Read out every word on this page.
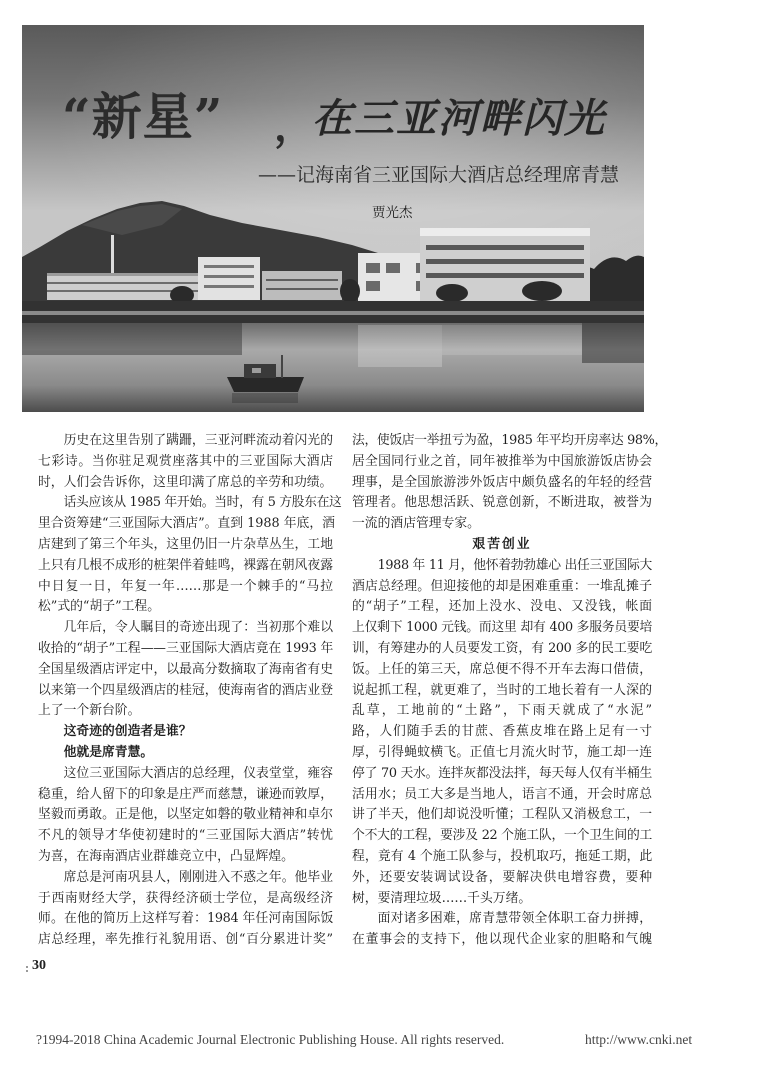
“新星” ，
在三亚河畔闪光
——记海南省三亚国际大酒店总经理席青慧
贾光杰
历史在这里告别了蹒跚，三亚河畔流动着闪光的
七彩诗。当你驻足观赏座落其中的三亚国际大酒店
时，人们会告诉你，这里印满了席总的辛劳和功绩。
话头应该从 1985 年开始。当时，有 5 方股东在这
里合资筹建“三亚国际大酒店”。直到 1988 年底，酒
店建到了第三个年头，这里仍旧一片杂草丛生，工地
上只有几根不成形的桩架伴着蛙鸣，裸露在朝风夜露
中日复一日，年复一年……那是一个棘手的“马拉
松”式的“胡子”工程。
几年后，令人瞩目的奇迹出现了：当初那个难以
收拾的“胡子”工程——三亚国际大酒店竟在 1993 年
全国星级酒店评定中，以最高分数摘取了海南省有史
以来第一个四星级酒店的桂冠，使海南省的酒店业登
上了一个新台阶。
这奇迹的创造者是谁？
他就是席青慧。
这位三亚国际大酒店的总经理，仪表堂堂，雍容
稳重，给人留下的印象是庄严而慈慧，谦逊而敦厚，
坚毅而勇敢。正是他，以坚定如磐的敬业精神和卓尔
不凡的领导才华使初建时的“三亚国际大酒店”转忧
为喜，在海南酒店业群雄竞立中，凸显辉煌。
席总是河南巩县人，刚刚进入不惑之年。他毕业
于西南财经大学，获得经济硕士学位，是高级经济
师。在他的简历上这样写着：1984 年任河南国际饭
店总经理，率先推行礼貌用语、创“百分累进计奖”
法，使饭店一举扭亏为盈，1985 年平均开房率达 98%，
居全国同行业之首，同年被推举为中国旅游饭店协会
理事，是全国旅游涉外饭店中颇负盛名的年轻的经营
管理者。他思想活跃、锐意创新，不断进取，被誉为
一流的酒店管理专家。
艰苦创业
1988 年 11 月，他怀着勃勃雄心 出任三亚国际大
酒店总经理。但迎接他的却是困难重重：一堆乱摊子
的“胡子”工程，还加上没水、没电、又没钱，帐面
上仅剩下 1000 元钱。而这里 却有 400 多服务员要培
训，有筹建办的人员要发工资，有 200 多的民工要吃
饭。上任的第三天，席总便不得不开车去海口借债，
说起抓工程，就更难了，当时的工地长着有一人深的
乱草，工地前的“土路”，下雨天就成了“水泥”
路，人们随手丢的甘蔗、香蕉皮堆在路上足有一寸
厚，引得蝇蚊横飞。正值七月流火时节，施工却一连
停了 70 天水。连拌灰都没法拌，每天每人仅有半桶生
活用水；员工大多是当地人，语言不通，开会时席总
讲了半天，他们却说没听懂；工程队又消极怠工，一
个不大的工程，要涉及 22 个施工队，一个卫生间的工
程，竟有 4 个施工队参与，投机取巧，拖延工期，此
外，还要安装调试设备，要解决供电增容费，要种
树，要清理垃圾……千头万绪。
面对诸多困难，席青慧带领全体职工奋力拼搏，
在董事会的支持下，他以现代企业家的胆略和气魄
30
?1994-2018 China Academic Journal Electronic Publishing House. All rights reserved.	http://www.cnki.net
